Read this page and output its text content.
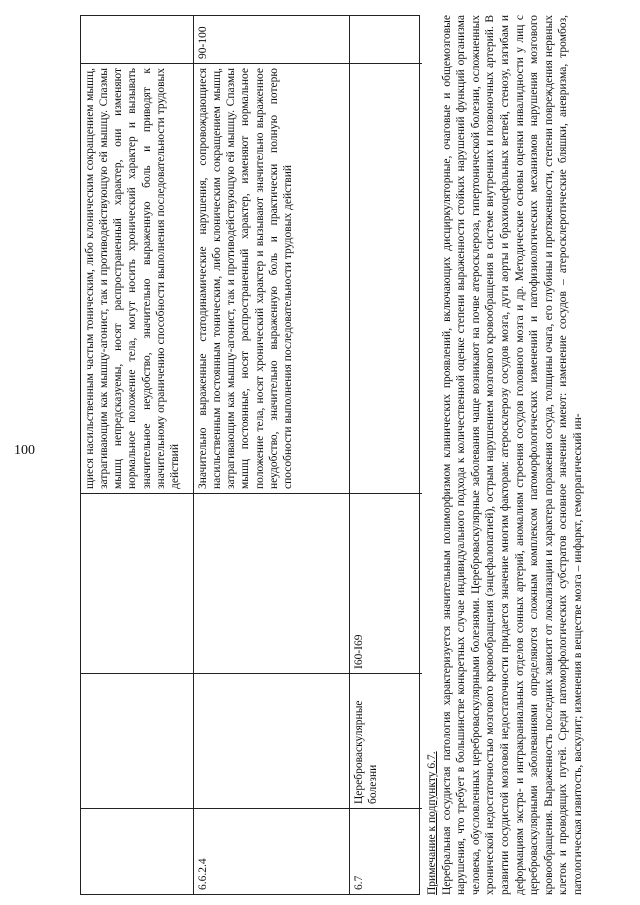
100	щиеся насильственным частым тоническим, либо клоническим сокращением мышц, затрагивающим как мышцу-агонист, так и противодействующую ей мышцу. Спазмы мышц непредсказуемы, носят распространенный характер, они изменяют нормальное положение тела, могут носить хронический характер и вызывать значительное неудобство, значительно выраженную боль и приводят к значительному ограничению способности выполнения последовательности трудовых действий
6.6.2.4
Значительно выраженные статодинамические нарушения, сопровождающиеся насильственным постоянным тоническим, либо клоническим сокращением мышц, затрагивающим как мышцу-агонист, так и противодействующую ей мышцу. Спазмы мышц постоянные, носят распространенный характер, изменяют нормальное положение тела, носят хронический характер и вызывают значительно выраженное неудобство, значительно выраженную боль и практически полную потерю способности выполнения последовательности трудовых действий
90-100
6.7
Цереброваскулярные болезни
I60-I69
Примечание к подпункту 6.7. Церебральная сосудистая патология характеризуется значительным полиморфизмом клинических проявлений, включающих дисциркуляторные, очаговые и общемозговые нарушения, что требует в большинстве конкретных случае индивидуального подхода к количественной оценке степени выраженности стойких нарушений функций организма человека, обусловленных цереброваскулярными болезнями. Цереброваскулярные заболевания чаще возникают на почве атеросклероза, гипертонической болезни, осложненных хронической недостаточностью мозгового кровообращения (энцефалопатией), острым нарушением мозгового кровообращения в системе внутренних и позвоночных артерий. В развитии сосудистой мозговой недостаточности придается значение многим факторам: атеросклерозу сосудов мозга, дуги аорты и брахиоцефальных ветвей, стенозу, изгибам и деформациям экстра- и интракраниальных отделов сонных артерий, аномалиям строения сосудов головного мозга и др. Методические основы оценки инвалидности у лиц с цереброваскулярными заболеваниями определяются сложным комплексом патоморфологических изменений и патофизиологических механизмов нарушения мозгового кровообращения. Выраженность последних зависит от локализации и характера поражения сосуда, толщины очага, его глубины и протяженности, степени повреждения нервных клеток и проводящих путей. Среди патоморфологических субстратов основное значение имеют: изменение сосудов – атеросклеротические бляшки, аневризма, тромбоз, патологическая извитость, васкулит; изменения в веществе мозга – инфаркт, геморрагический ин-
